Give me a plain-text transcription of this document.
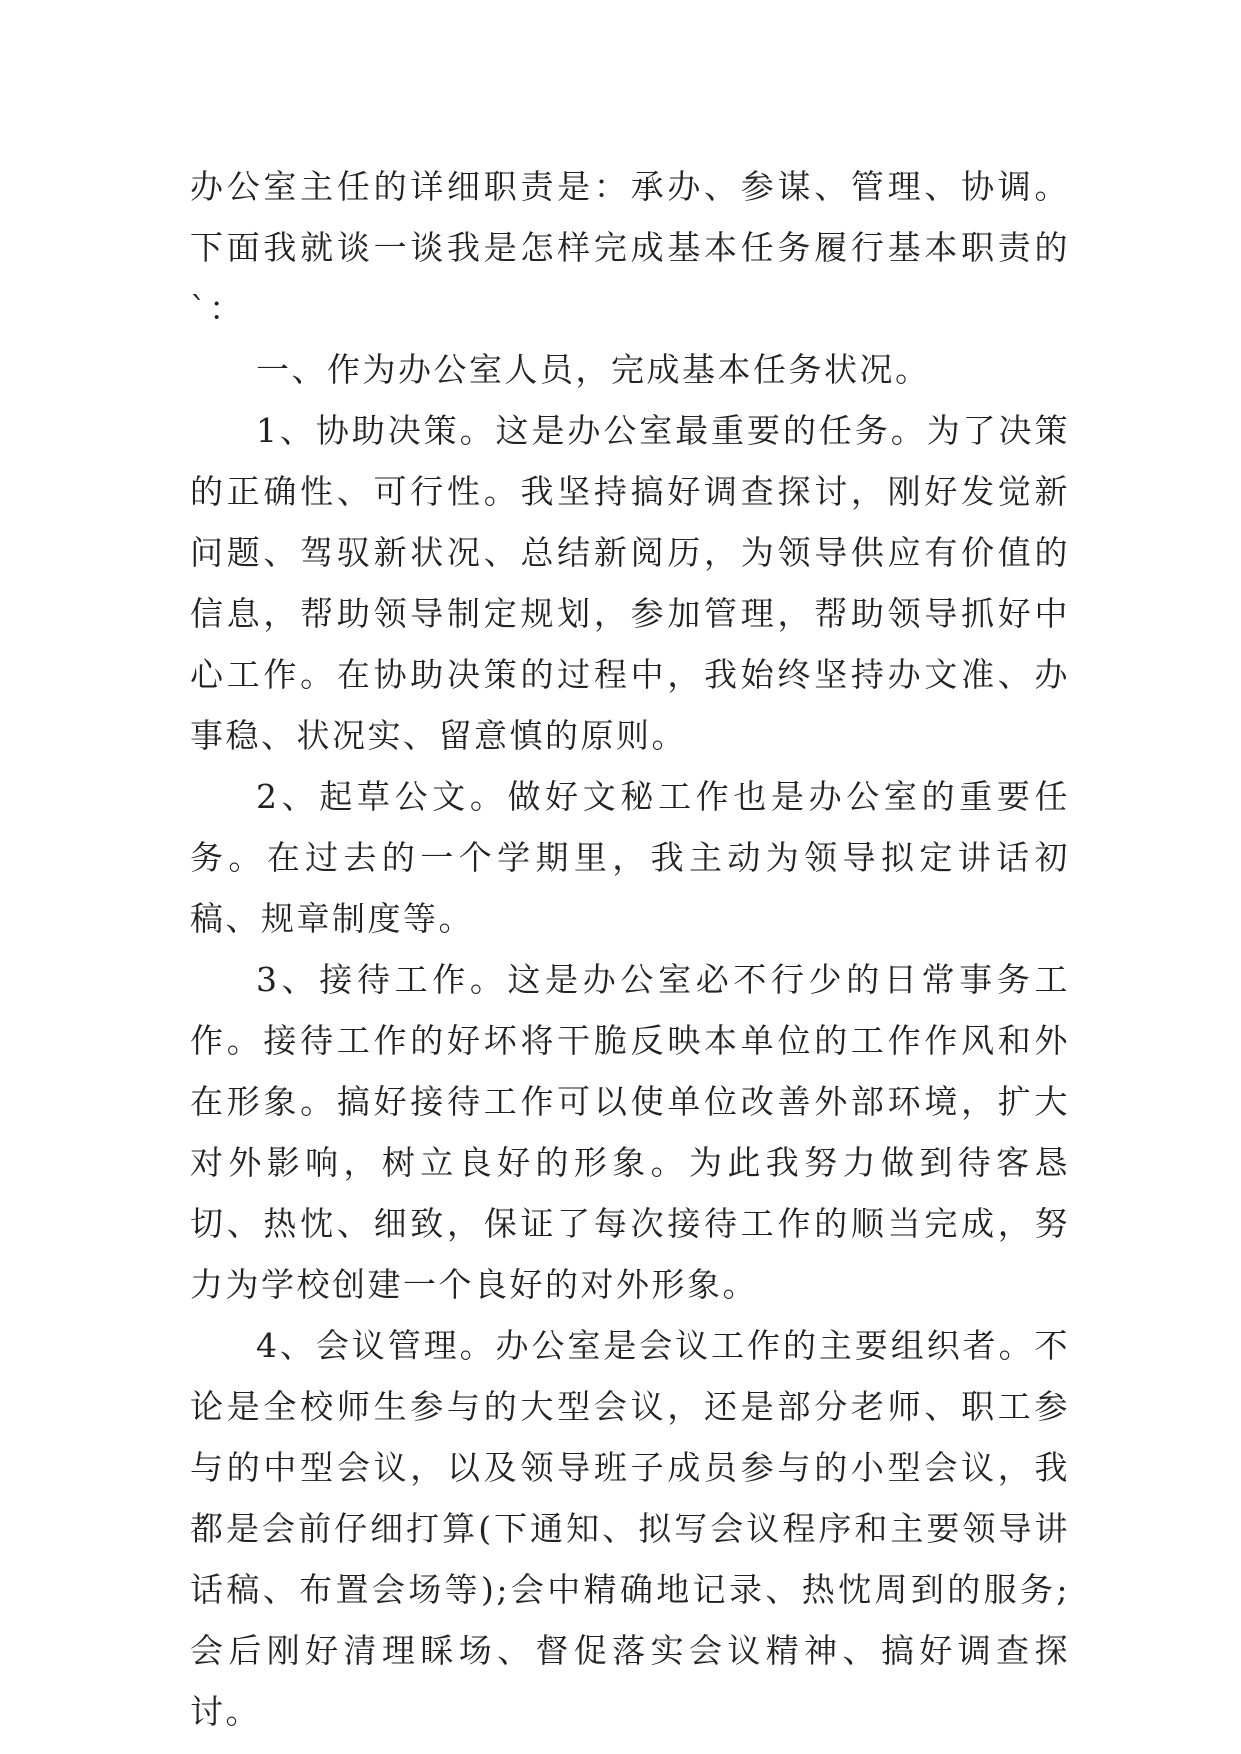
办公室主任的详细职责是：承办、参谋、管理、协调。下面我就谈一谈我是怎样完成基本任务履行基本职责的`：

一、作为办公室人员，完成基本任务状况。

1、协助决策。这是办公室最重要的任务。为了决策的正确性、可行性。我坚持搞好调查探讨，刚好发觉新问题、驾驭新状况、总结新阅历，为领导供应有价值的信息，帮助领导制定规划，参加管理，帮助领导抓好中心工作。在协助决策的过程中，我始终坚持办文准、办事稳、状况实、留意慎的原则。

2、起草公文。做好文秘工作也是办公室的重要任务。在过去的一个学期里，我主动为领导拟定讲话初稿、规章制度等。

3、接待工作。这是办公室必不行少的日常事务工作。接待工作的好坏将干脆反映本单位的工作作风和外在形象。搞好接待工作可以使单位改善外部环境，扩大对外影响，树立良好的形象。为此我努力做到待客恳切、热忱、细致，保证了每次接待工作的顺当完成，努力为学校创建一个良好的对外形象。

4、会议管理。办公室是会议工作的主要组织者。不论是全校师生参与的大型会议，还是部分老师、职工参与的中型会议，以及领导班子成员参与的小型会议，我都是会前仔细打算(下通知、拟写会议程序和主要领导讲话稿、布置会场等);会中精确地记录、热忱周到的服务;会后刚好清理睬场、督促落实会议精神、搞好调查探讨。
